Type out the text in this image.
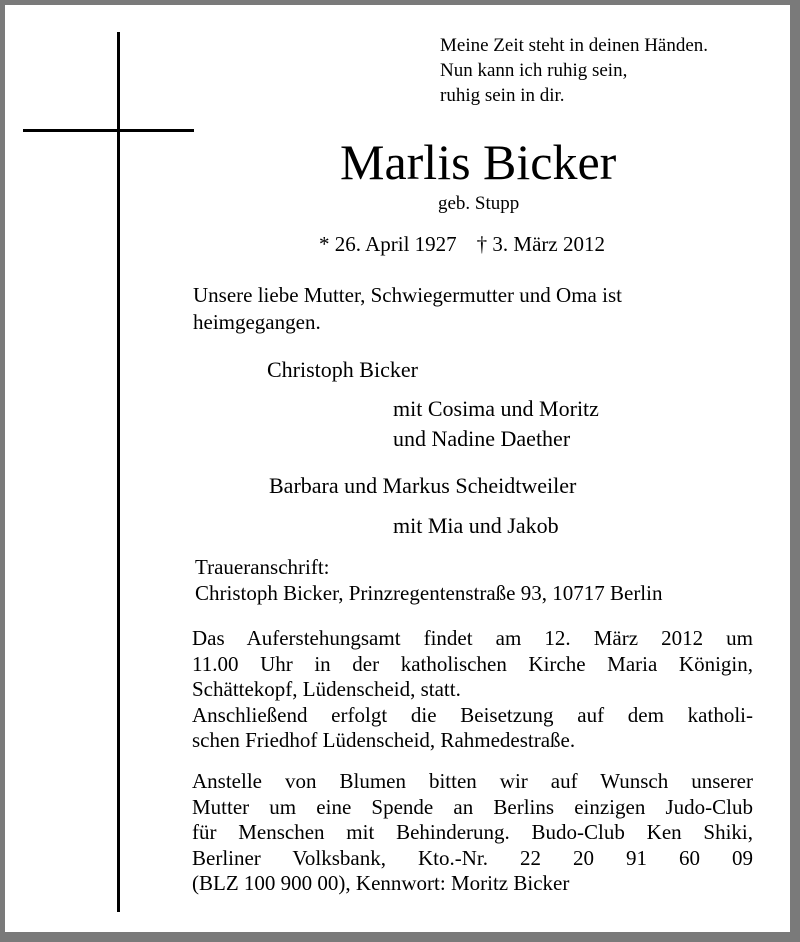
Meine Zeit steht in deinen Händen.
Nun kann ich ruhig sein,
ruhig sein in dir.
Marlis Bicker
geb. Stupp
* 26. April 1927 † 3. März 2012
Unsere liebe Mutter, Schwiegermutter und Oma ist
heimgegangen.
Christoph Bicker
mit Cosima und Moritz
und Nadine Daether
Barbara und Markus Scheidtweiler
mit Mia und Jakob
Traueranschrift:
Christoph Bicker, Prinzregentenstraße 93, 10717 Berlin
Das Auferstehungsamt findet am 12. März 2012 um
11.00 Uhr in der katholischen Kirche Maria Königin,
Schättekopf, Lüdenscheid, statt.
Anschließend erfolgt die Beisetzung auf dem katholi-
schen Friedhof Lüdenscheid, Rahmedestraße.
Anstelle von Blumen bitten wir auf Wunsch unserer
Mutter um eine Spende an Berlins einzigen Judo-Club
für Menschen mit Behinderung. Budo-Club Ken Shiki,
Berliner Volksbank, Kto.-Nr. 22 20 91 60 09
(BLZ 100 900 00), Kennwort: Moritz Bicker
